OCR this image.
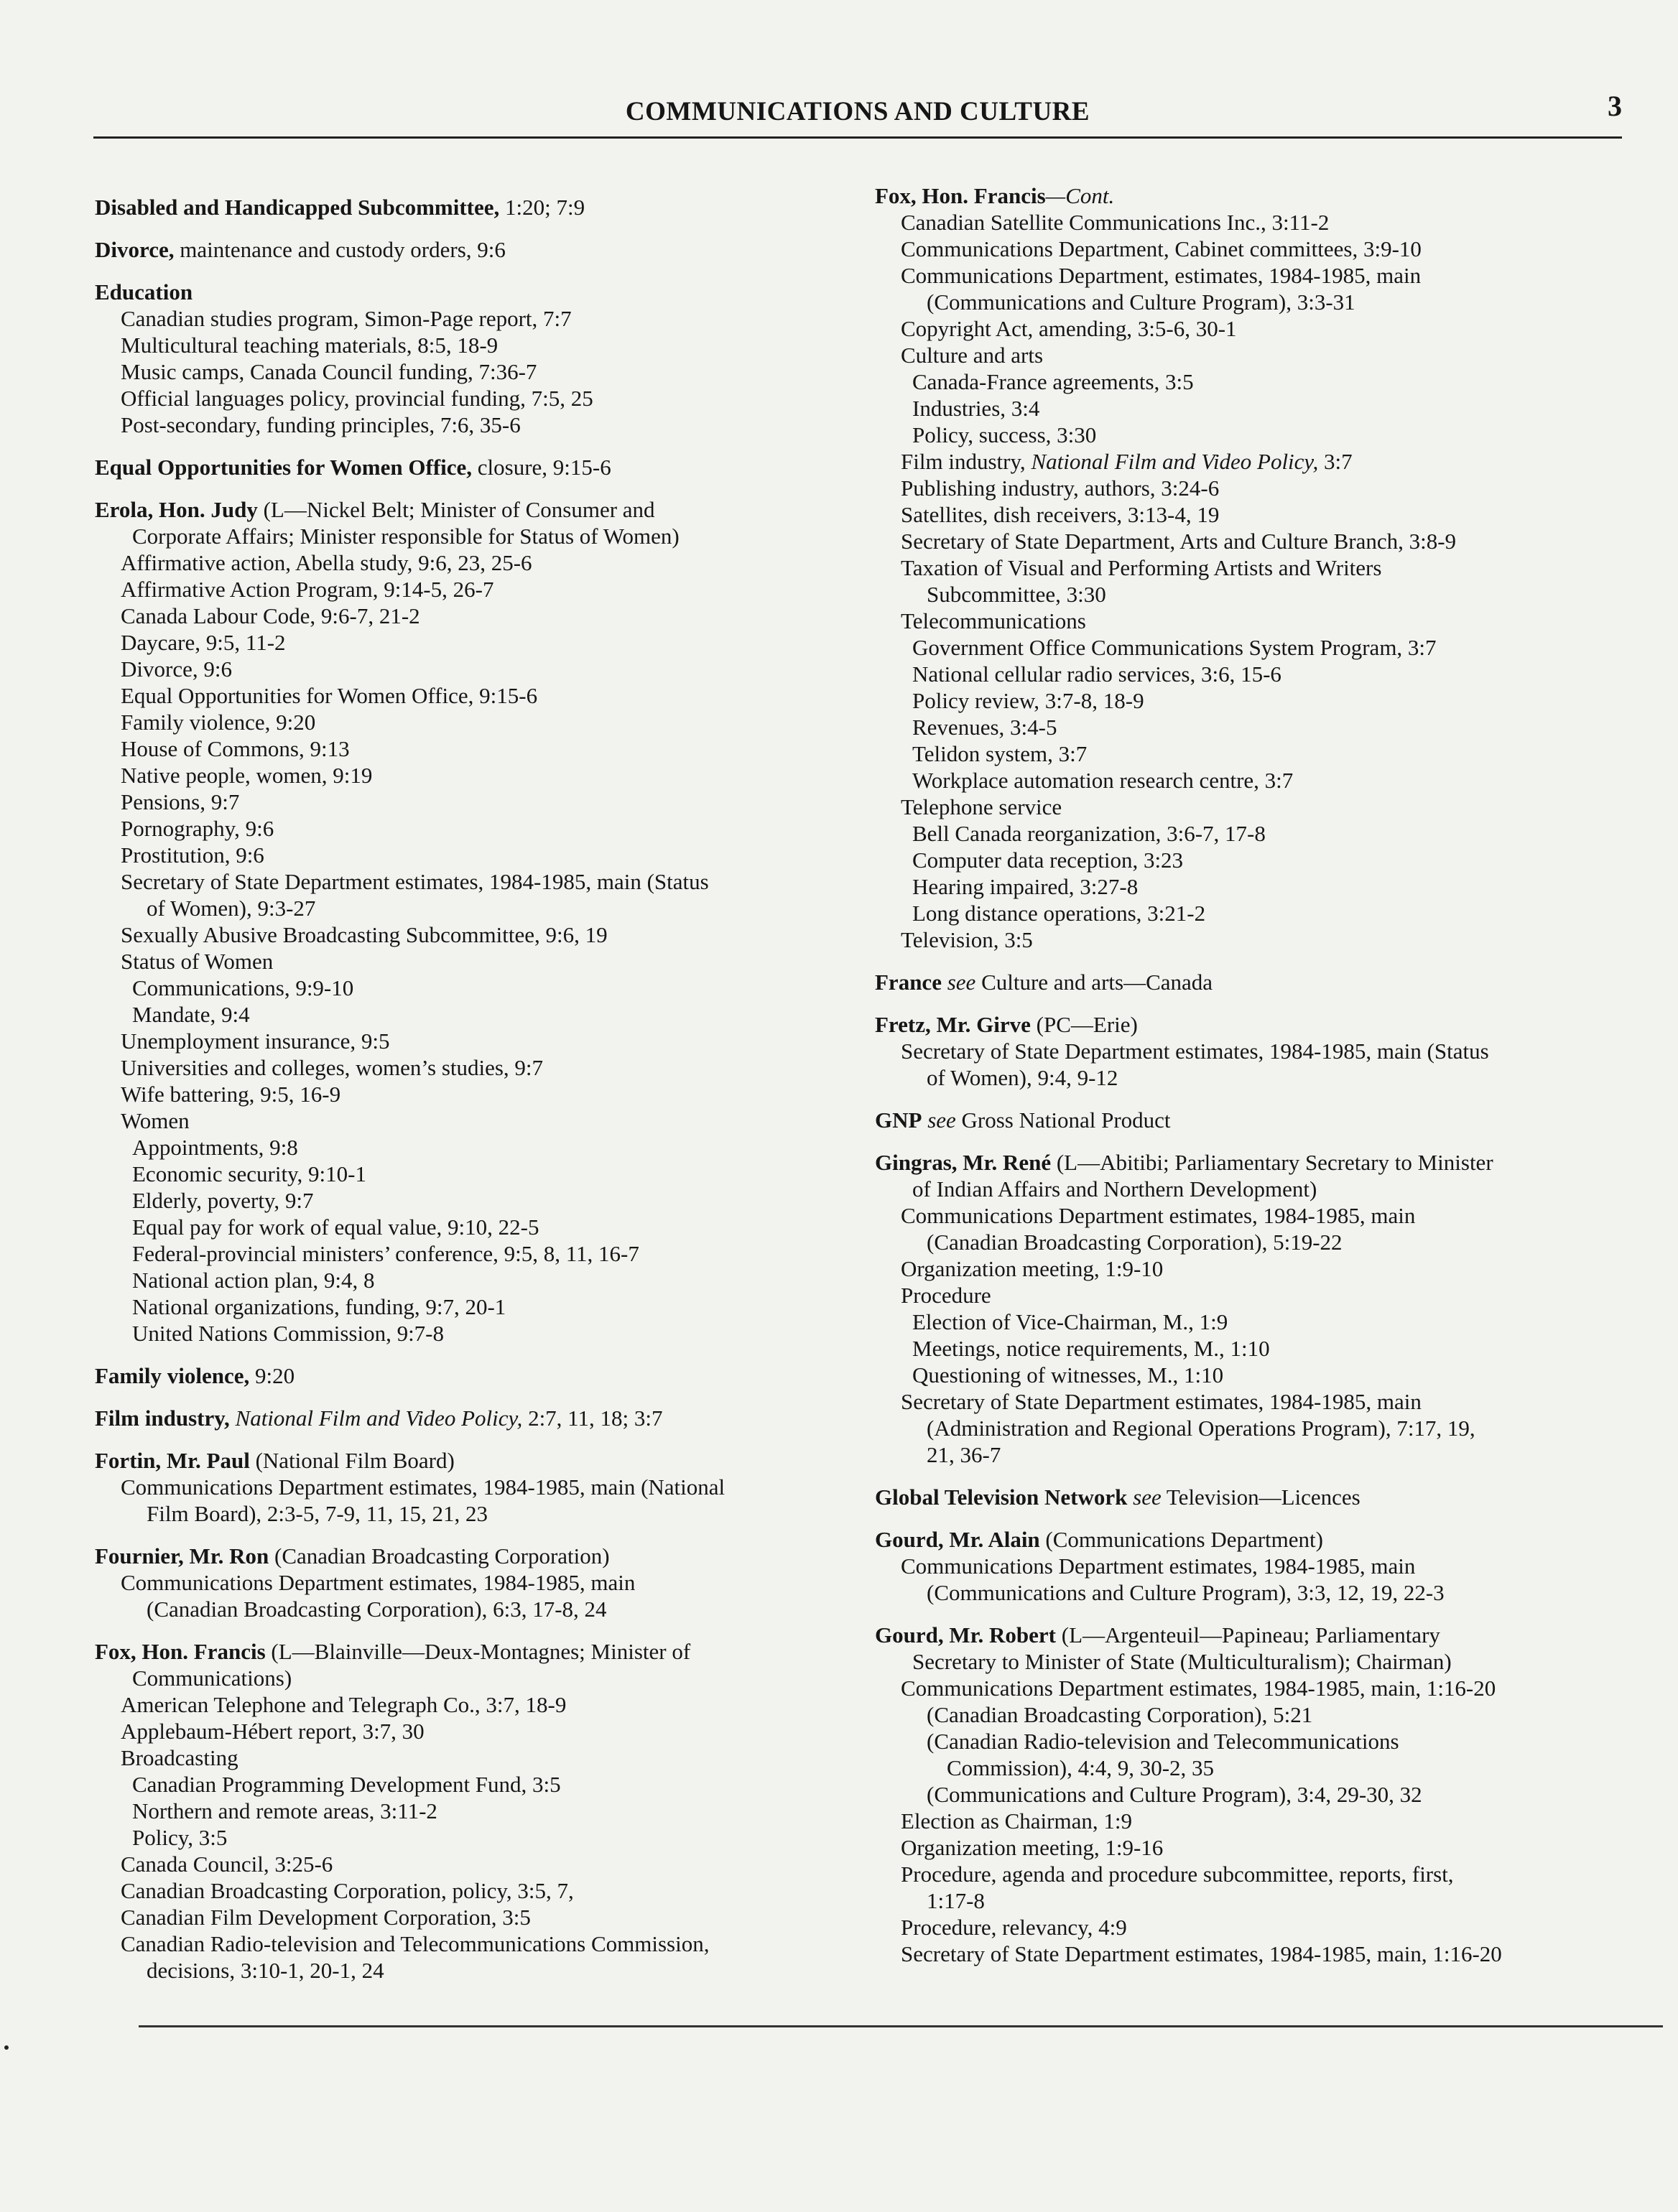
COMMUNICATIONS AND CULTURE	3
Disabled and Handicapped Subcommittee, 1:20; 7:9
Divorce, maintenance and custody orders, 9:6
Education
Canadian studies program, Simon-Page report, 7:7
Multicultural teaching materials, 8:5, 18-9
Music camps, Canada Council funding, 7:36-7
Official languages policy, provincial funding, 7:5, 25
Post-secondary, funding principles, 7:6, 35-6
Equal Opportunities for Women Office, closure, 9:15-6
Erola, Hon. Judy (L—Nickel Belt; Minister of Consumer and
Corporate Affairs; Minister responsible for Status of Women)
Affirmative action, Abella study, 9:6, 23, 25-6
Affirmative Action Program, 9:14-5, 26-7
Canada Labour Code, 9:6-7, 21-2
Daycare, 9:5, 11-2
Divorce, 9:6
Equal Opportunities for Women Office, 9:15-6
Family violence, 9:20
House of Commons, 9:13
Native people, women, 9:19
Pensions, 9:7
Pornography, 9:6
Prostitution, 9:6
Secretary of State Department estimates, 1984-1985, main (Status
of Women), 9:3-27
Sexually Abusive Broadcasting Subcommittee, 9:6, 19
Status of Women
Communications, 9:9-10
Mandate, 9:4
Unemployment insurance, 9:5
Universities and colleges, women’s studies, 9:7
Wife battering, 9:5, 16-9
Women
Appointments, 9:8
Economic security, 9:10-1
Elderly, poverty, 9:7
Equal pay for work of equal value, 9:10, 22-5
Federal-provincial ministers’ conference, 9:5, 8, 11, 16-7
National action plan, 9:4, 8
National organizations, funding, 9:7, 20-1
United Nations Commission, 9:7-8
Family violence, 9:20
Film industry, National Film and Video Policy, 2:7, 11, 18; 3:7
Fortin, Mr. Paul (National Film Board)
Communications Department estimates, 1984-1985, main (National
Film Board), 2:3-5, 7-9, 11, 15, 21, 23
Fournier, Mr. Ron (Canadian Broadcasting Corporation)
Communications Department estimates, 1984-1985, main
(Canadian Broadcasting Corporation), 6:3, 17-8, 24
Fox, Hon. Francis (L—Blainville—Deux-Montagnes; Minister of
Communications)
American Telephone and Telegraph Co., 3:7, 18-9
Applebaum-Hébert report, 3:7, 30
Broadcasting
Canadian Programming Development Fund, 3:5
Northern and remote areas, 3:11-2
Policy, 3:5
Canada Council, 3:25-6
Canadian Broadcasting Corporation, policy, 3:5, 7,
Canadian Film Development Corporation, 3:5
Canadian Radio-television and Telecommunications Commission,
decisions, 3:10-1, 20-1, 24
Fox, Hon. Francis—Cont.
Canadian Satellite Communications Inc., 3:11-2
Communications Department, Cabinet committees, 3:9-10
Communications Department, estimates, 1984-1985, main
(Communications and Culture Program), 3:3-31
Copyright Act, amending, 3:5-6, 30-1
Culture and arts
Canada-France agreements, 3:5
Industries, 3:4
Policy, success, 3:30
Film industry, National Film and Video Policy, 3:7
Publishing industry, authors, 3:24-6
Satellites, dish receivers, 3:13-4, 19
Secretary of State Department, Arts and Culture Branch, 3:8-9
Taxation of Visual and Performing Artists and Writers
Subcommittee, 3:30
Telecommunications
Government Office Communications System Program, 3:7
National cellular radio services, 3:6, 15-6
Policy review, 3:7-8, 18-9
Revenues, 3:4-5
Telidon system, 3:7
Workplace automation research centre, 3:7
Telephone service
Bell Canada reorganization, 3:6-7, 17-8
Computer data reception, 3:23
Hearing impaired, 3:27-8
Long distance operations, 3:21-2
Television, 3:5
France see Culture and arts—Canada
Fretz, Mr. Girve (PC—Erie)
Secretary of State Department estimates, 1984-1985, main (Status
of Women), 9:4, 9-12
GNP see Gross National Product
Gingras, Mr. René (L—Abitibi; Parliamentary Secretary to Minister
of Indian Affairs and Northern Development)
Communications Department estimates, 1984-1985, main
(Canadian Broadcasting Corporation), 5:19-22
Organization meeting, 1:9-10
Procedure
Election of Vice-Chairman, M., 1:9
Meetings, notice requirements, M., 1:10
Questioning of witnesses, M., 1:10
Secretary of State Department estimates, 1984-1985, main
(Administration and Regional Operations Program), 7:17, 19,
21, 36-7
Global Television Network see Television—Licences
Gourd, Mr. Alain (Communications Department)
Communications Department estimates, 1984-1985, main
(Communications and Culture Program), 3:3, 12, 19, 22-3
Gourd, Mr. Robert (L—Argenteuil—Papineau; Parliamentary
Secretary to Minister of State (Multiculturalism); Chairman)
Communications Department estimates, 1984-1985, main, 1:16-20
(Canadian Broadcasting Corporation), 5:21
(Canadian Radio-television and Telecommunications
Commission), 4:4, 9, 30-2, 35
(Communications and Culture Program), 3:4, 29-30, 32
Election as Chairman, 1:9
Organization meeting, 1:9-16
Procedure, agenda and procedure subcommittee, reports, first,
1:17-8
Procedure, relevancy, 4:9
Secretary of State Department estimates, 1984-1985, main, 1:16-20
